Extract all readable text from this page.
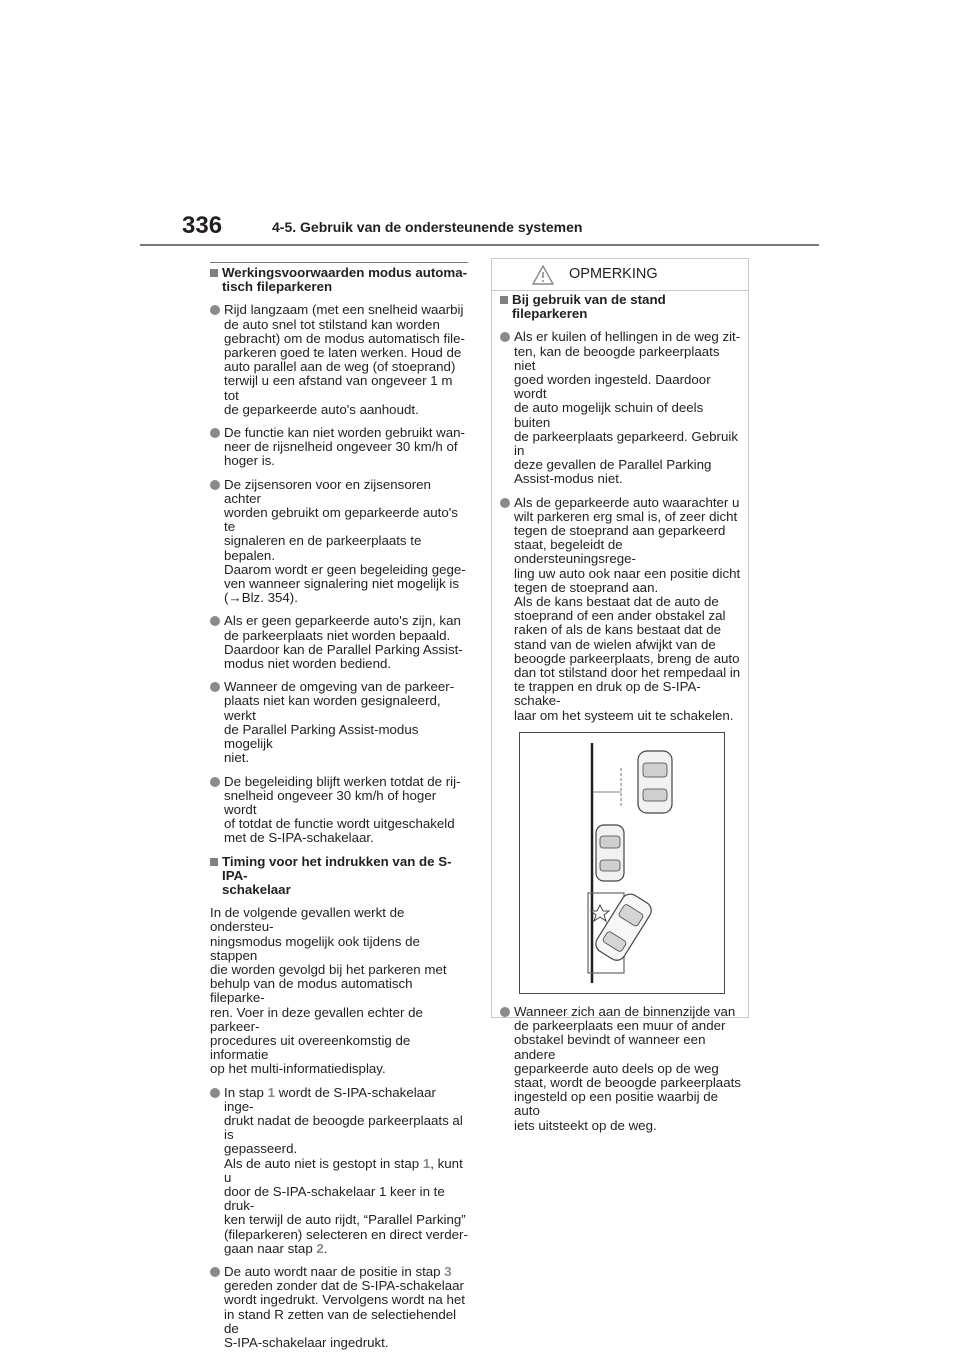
336	4-5. Gebruik van de ondersteunende systemen
Werkingsvoorwaarden modus automa-
tisch fileparkeren
Rijd langzaam (met een snelheid waarbij
de auto snel tot stilstand kan worden
gebracht) om de modus automatisch file-
parkeren goed te laten werken. Houd de
auto parallel aan de weg (of stoeprand)
terwijl u een afstand van ongeveer 1 m tot
de geparkeerde auto's aanhoudt.
De functie kan niet worden gebruikt wan-
neer de rijsnelheid ongeveer 30 km/h of
hoger is.
De zijsensoren voor en zijsensoren achter
worden gebruikt om geparkeerde auto's te
signaleren en de parkeerplaats te bepalen.
Daarom wordt er geen begeleiding gege-
ven wanneer signalering niet mogelijk is
(→Blz. 354).
Als er geen geparkeerde auto's zijn, kan
de parkeerplaats niet worden bepaald.
Daardoor kan de Parallel Parking Assist-
modus niet worden bediend.
Wanneer de omgeving van de parkeer-
plaats niet kan worden gesignaleerd, werkt
de Parallel Parking Assist-modus mogelijk
niet.
De begeleiding blijft werken totdat de rij-
snelheid ongeveer 30 km/h of hoger wordt
of totdat de functie wordt uitgeschakeld
met de S-IPA-schakelaar.
Timing voor het indrukken van de S-IPA-
schakelaar
In de volgende gevallen werkt de ondersteu-
ningsmodus mogelijk ook tijdens de stappen
die worden gevolgd bij het parkeren met
behulp van de modus automatisch fileparke-
ren. Voer in deze gevallen echter de parkeer-
procedures uit overeenkomstig de informatie
op het multi-informatiedisplay.
In stap 1 wordt de S-IPA-schakelaar inge-
drukt nadat de beoogde parkeerplaats al is
gepasseerd.
Als de auto niet is gestopt in stap 1, kunt u
door de S-IPA-schakelaar 1 keer in te druk-
ken terwijl de auto rijdt, “Parallel Parking”
(fileparkeren) selecteren en direct verder-
gaan naar stap 2.
De auto wordt naar de positie in stap 3
gereden zonder dat de S-IPA-schakelaar
wordt ingedrukt. Vervolgens wordt na het
in stand R zetten van de selectiehendel de
S-IPA-schakelaar ingedrukt.
OPMERKING
Bij gebruik van de stand fileparkeren
Als er kuilen of hellingen in de weg zit-
ten, kan de beoogde parkeerplaats niet
goed worden ingesteld. Daardoor wordt
de auto mogelijk schuin of deels buiten
de parkeerplaats geparkeerd. Gebruik in
deze gevallen de Parallel Parking
Assist-modus niet.
Als de geparkeerde auto waarachter u
wilt parkeren erg smal is, of zeer dicht
tegen de stoeprand aan geparkeerd
staat, begeleidt de ondersteuningsrege-
ling uw auto ook naar een positie dicht
tegen de stoeprand aan.
Als de kans bestaat dat de auto de
stoeprand of een ander obstakel zal
raken of als de kans bestaat dat de
stand van de wielen afwijkt van de
beoogde parkeerplaats, breng de auto
dan tot stilstand door het rempedaal in
te trappen en druk op de S-IPA-schake-
laar om het systeem uit te schakelen.
Wanneer zich aan de binnenzijde van
de parkeerplaats een muur of ander
obstakel bevindt of wanneer een andere
geparkeerde auto deels op de weg
staat, wordt de beoogde parkeerplaats
ingesteld op een positie waarbij de auto
iets uitsteekt op de weg.
